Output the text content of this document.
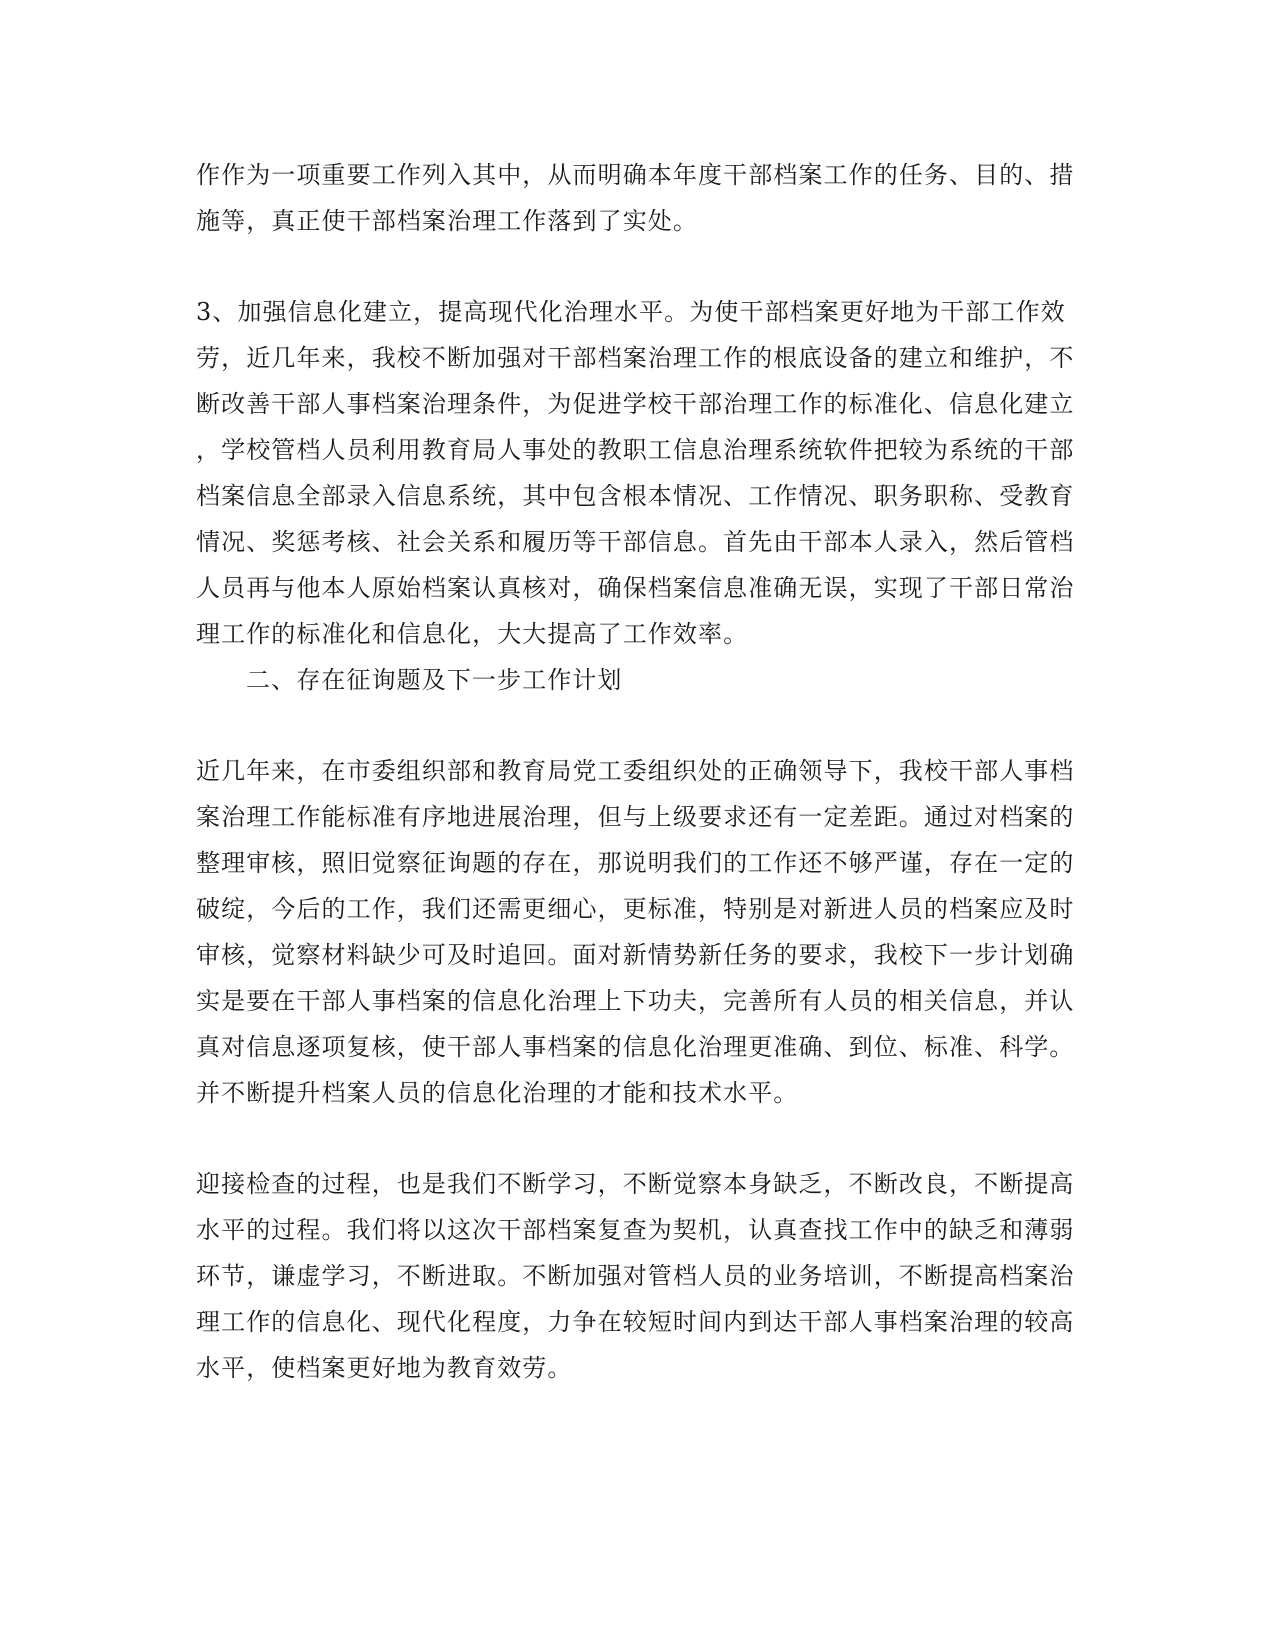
作作为一项重要工作列入其中，从而明确本年度干部档案工作的任务、目的、措
施等，真正使干部档案治理工作落到了实处。
3、加强信息化建立，提高现代化治理水平。为使干部档案更好地为干部工作效
劳，近几年来，我校不断加强对干部档案治理工作的根底设备的建立和维护，不
断改善干部人事档案治理条件，为促进学校干部治理工作的标准化、信息化建立
，学校管档人员利用教育局人事处的教职工信息治理系统软件把较为系统的干部
档案信息全部录入信息系统，其中包含根本情况、工作情况、职务职称、受教育
情况、奖惩考核、社会关系和履历等干部信息。首先由干部本人录入，然后管档
人员再与他本人原始档案认真核对，确保档案信息准确无误，实现了干部日常治
理工作的标准化和信息化，大大提高了工作效率。
二、存在征询题及下一步工作计划
近几年来，在市委组织部和教育局党工委组织处的正确领导下，我校干部人事档
案治理工作能标准有序地进展治理，但与上级要求还有一定差距。通过对档案的
整理审核，照旧觉察征询题的存在，那说明我们的工作还不够严谨，存在一定的
破绽，今后的工作，我们还需更细心，更标准，特别是对新进人员的档案应及时
审核，觉察材料缺少可及时追回。面对新情势新任务的要求，我校下一步计划确
实是要在干部人事档案的信息化治理上下功夫，完善所有人员的相关信息，并认
真对信息逐项复核，使干部人事档案的信息化治理更准确、到位、标准、科学。
并不断提升档案人员的信息化治理的才能和技术水平。
迎接检查的过程，也是我们不断学习，不断觉察本身缺乏，不断改良，不断提高
水平的过程。我们将以这次干部档案复查为契机，认真查找工作中的缺乏和薄弱
环节，谦虚学习，不断进取。不断加强对管档人员的业务培训，不断提高档案治
理工作的信息化、现代化程度，力争在较短时间内到达干部人事档案治理的较高
水平，使档案更好地为教育效劳。
